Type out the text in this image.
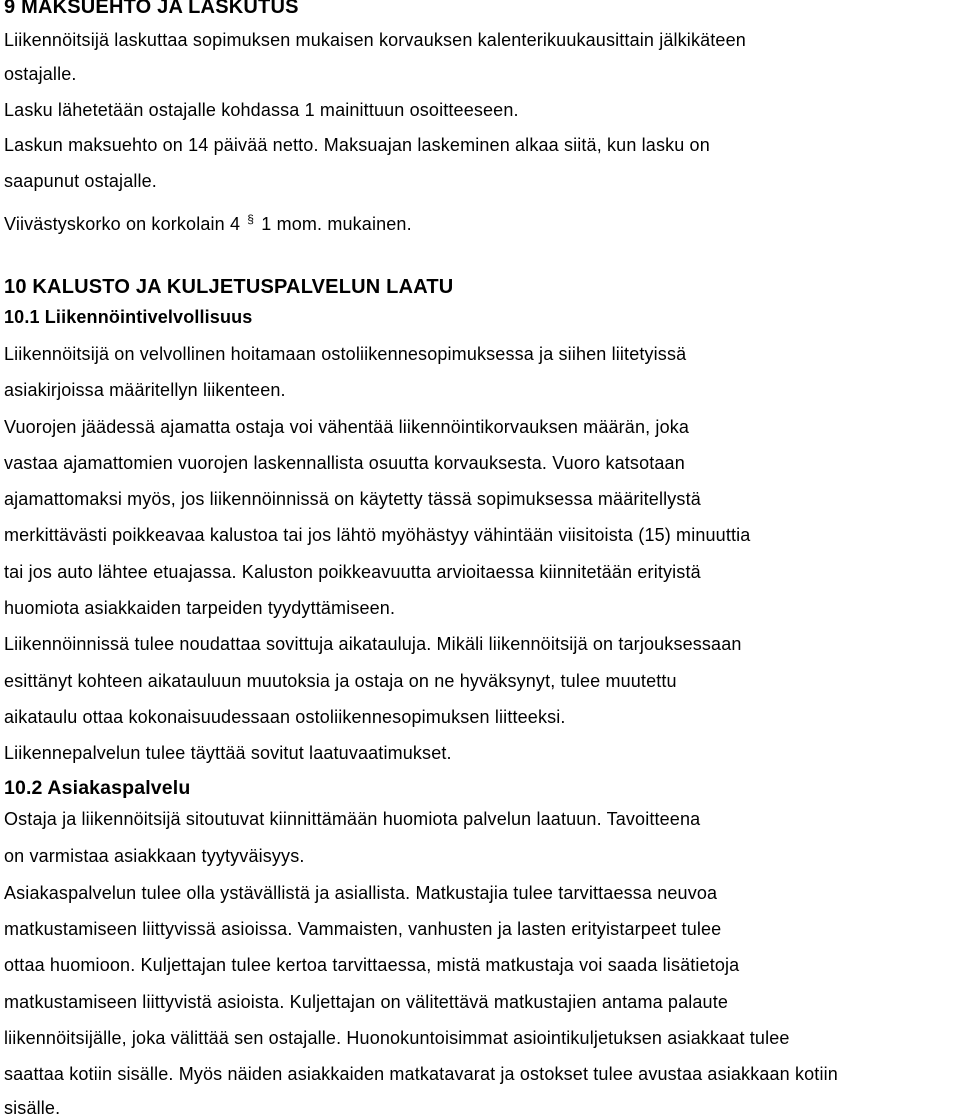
9 MAKSUEHTO JA LASKUTUS
Liikennöitsijä laskuttaa sopimuksen mukaisen korvauksen kalenterikuukausittain jälkikäteen
ostajalle.
Lasku lähetetään ostajalle kohdassa 1 mainittuun osoitteeseen.
Laskun maksuehto on 14 päivää netto. Maksuajan laskeminen alkaa siitä, kun lasku on
saapunut ostajalle.
Viivästyskorko on korkolain 4 § 1 mom. mukainen.
10 KALUSTO JA KULJETUSPALVELUN LAATU
10.1 Liikennöintivelvollisuus
Liikennöitsijä on velvollinen hoitamaan ostoliikennesopimuksessa ja siihen liitetyissä
asiakirjoissa määritellyn liikenteen.
Vuorojen jäädessä ajamatta ostaja voi vähentää liikennöintikorvauksen määrän, joka
vastaa ajamattomien vuorojen laskennallista osuutta korvauksesta. Vuoro katsotaan
ajamattomaksi myös, jos liikennöinnissä on käytetty tässä sopimuksessa määritellystä
merkittävästi poikkeavaa kalustoa tai jos lähtö myöhästyy vähintään viisitoista (15) minuuttia
tai jos auto lähtee etuajassa. Kaluston poikkeavuutta arvioitaessa kiinnitetään erityistä
huomiota asiakkaiden tarpeiden tyydyttämiseen.
Liikennöinnissä tulee noudattaa sovittuja aikatauluja. Mikäli liikennöitsijä on tarjouksessaan
esittänyt kohteen aikatauluun muutoksia ja ostaja on ne hyväksynyt, tulee muutettu
aikataulu ottaa kokonaisuudessaan ostoliikennesopimuksen liitteeksi.
Liikennepalvelun tulee täyttää sovitut laatuvaatimukset.
10.2 Asiakaspalvelu
Ostaja ja liikennöitsijä sitoutuvat kiinnittämään huomiota palvelun laatuun. Tavoitteena
on varmistaa asiakkaan tyytyväisyys.
Asiakaspalvelun tulee olla ystävällistä ja asiallista. Matkustajia tulee tarvittaessa neuvoa
matkustamiseen liittyvissä asioissa. Vammaisten, vanhusten ja lasten erityistarpeet tulee
ottaa huomioon. Kuljettajan tulee kertoa tarvittaessa, mistä matkustaja voi saada lisätietoja
matkustamiseen liittyvistä asioista. Kuljettajan on välitettävä matkustajien antama palaute
liikennöitsijälle, joka välittää sen ostajalle. Huonokuntoisimmat asiointikuljetuksen asiakkaat tulee
saattaa kotiin sisälle. Myös näiden asiakkaiden matkatavarat ja ostokset tulee avustaa asiakkaan kotiin
sisälle.
